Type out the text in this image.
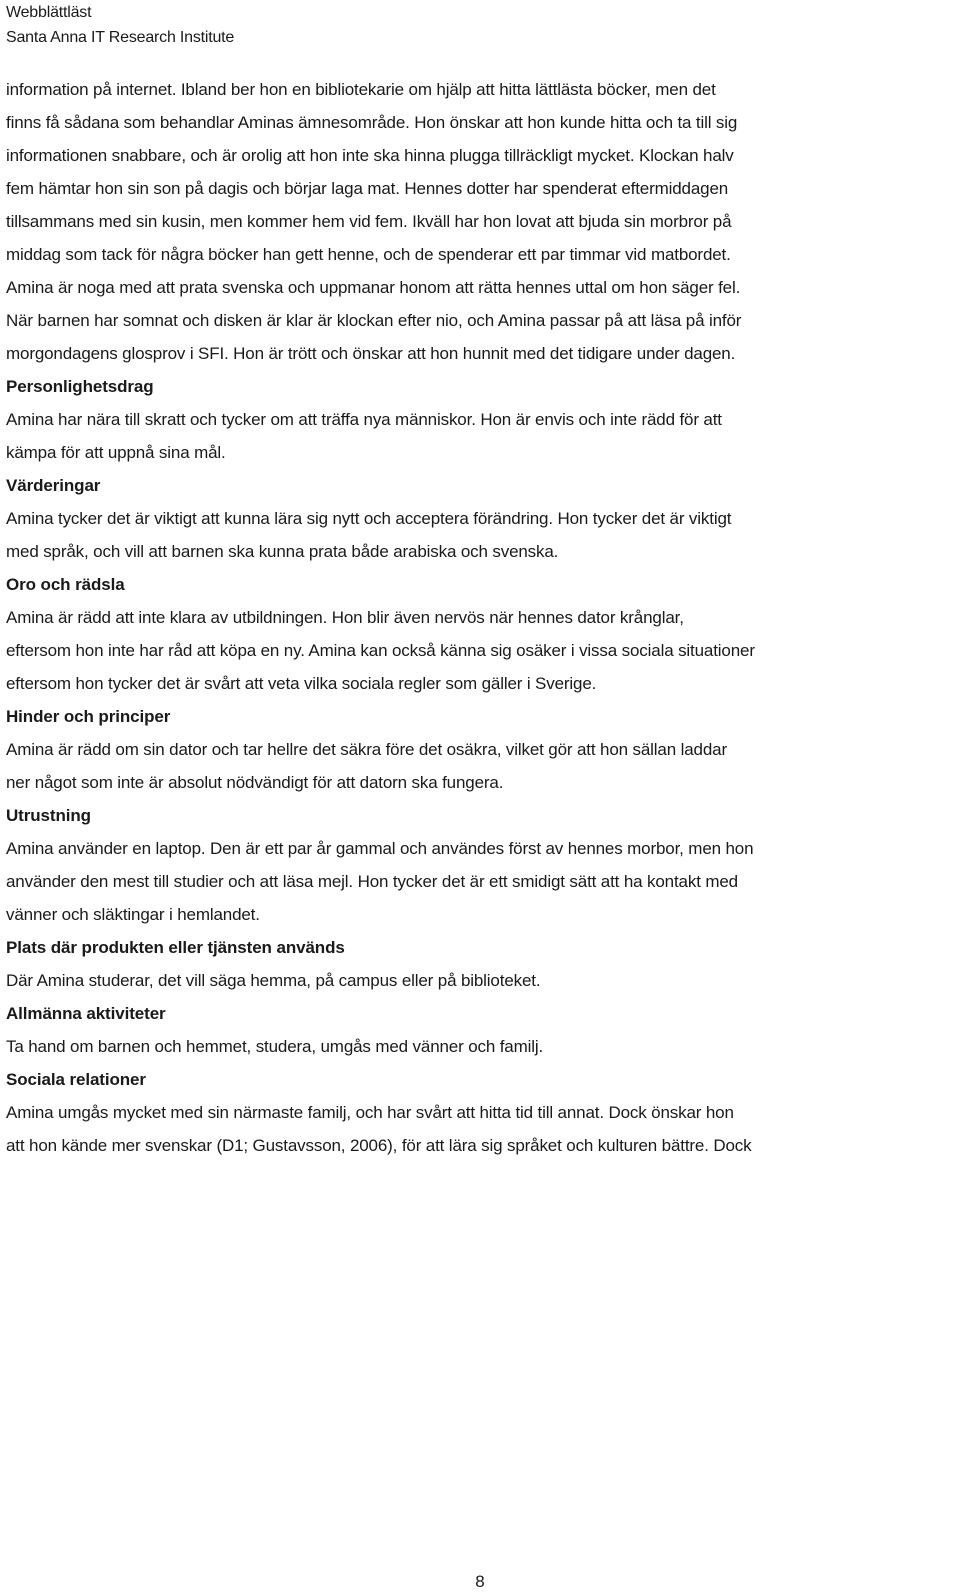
Webblättläst
Santa Anna IT Research Institute

information på internet. Ibland ber hon en bibliotekarie om hjälp att hitta lättlästa böcker, men det
finns få sådana som behandlar Aminas ämnesområde. Hon önskar att hon kunde hitta och ta till sig
informationen snabbare, och är orolig att hon inte ska hinna plugga tillräckligt mycket. Klockan halv
fem hämtar hon sin son på dagis och börjar laga mat. Hennes dotter har spenderat eftermiddagen
tillsammans med sin kusin, men kommer hem vid fem. Ikväll har hon lovat att bjuda sin morbror på
middag som tack för några böcker han gett henne, och de spenderar ett par timmar vid matbordet.
Amina är noga med att prata svenska och uppmanar honom att rätta hennes uttal om hon säger fel.
När barnen har somnat och disken är klar är klockan efter nio, och Amina passar på att läsa på inför
morgondagens glosprov i SFI. Hon är trött och önskar att hon hunnit med det tidigare under dagen.

Personlighetsdrag

Amina har nära till skratt och tycker om att träffa nya människor. Hon är envis och inte rädd för att
kämpa för att uppnå sina mål.

Värderingar

Amina tycker det är viktigt att kunna lära sig nytt och acceptera förändring. Hon tycker det är viktigt
med språk, och vill att barnen ska kunna prata både arabiska och svenska.

Oro och rädsla

Amina är rädd att inte klara av utbildningen. Hon blir även nervös när hennes dator krånglar,
eftersom hon inte har råd att köpa en ny. Amina kan också känna sig osäker i vissa sociala situationer
eftersom hon tycker det är svårt att veta vilka sociala regler som gäller i Sverige.

Hinder och principer

Amina är rädd om sin dator och tar hellre det säkra före det osäkra, vilket gör att hon sällan laddar
ner något som inte är absolut nödvändigt för att datorn ska fungera.

Utrustning

Amina använder en laptop. Den är ett par år gammal och användes först av hennes morbor, men hon
använder den mest till studier och att läsa mejl. Hon tycker det är ett smidigt sätt att ha kontakt med
vänner och släktingar i hemlandet.

Plats där produkten eller tjänsten används

Där Amina studerar, det vill säga hemma, på campus eller på biblioteket.

Allmänna aktiviteter

Ta hand om barnen och hemmet, studera, umgås med vänner och familj.

Sociala relationer

Amina umgås mycket med sin närmaste familj, och har svårt att hitta tid till annat. Dock önskar hon
att hon kände mer svenskar (D1; Gustavsson, 2006), för att lära sig språket och kulturen bättre. Dock

8
